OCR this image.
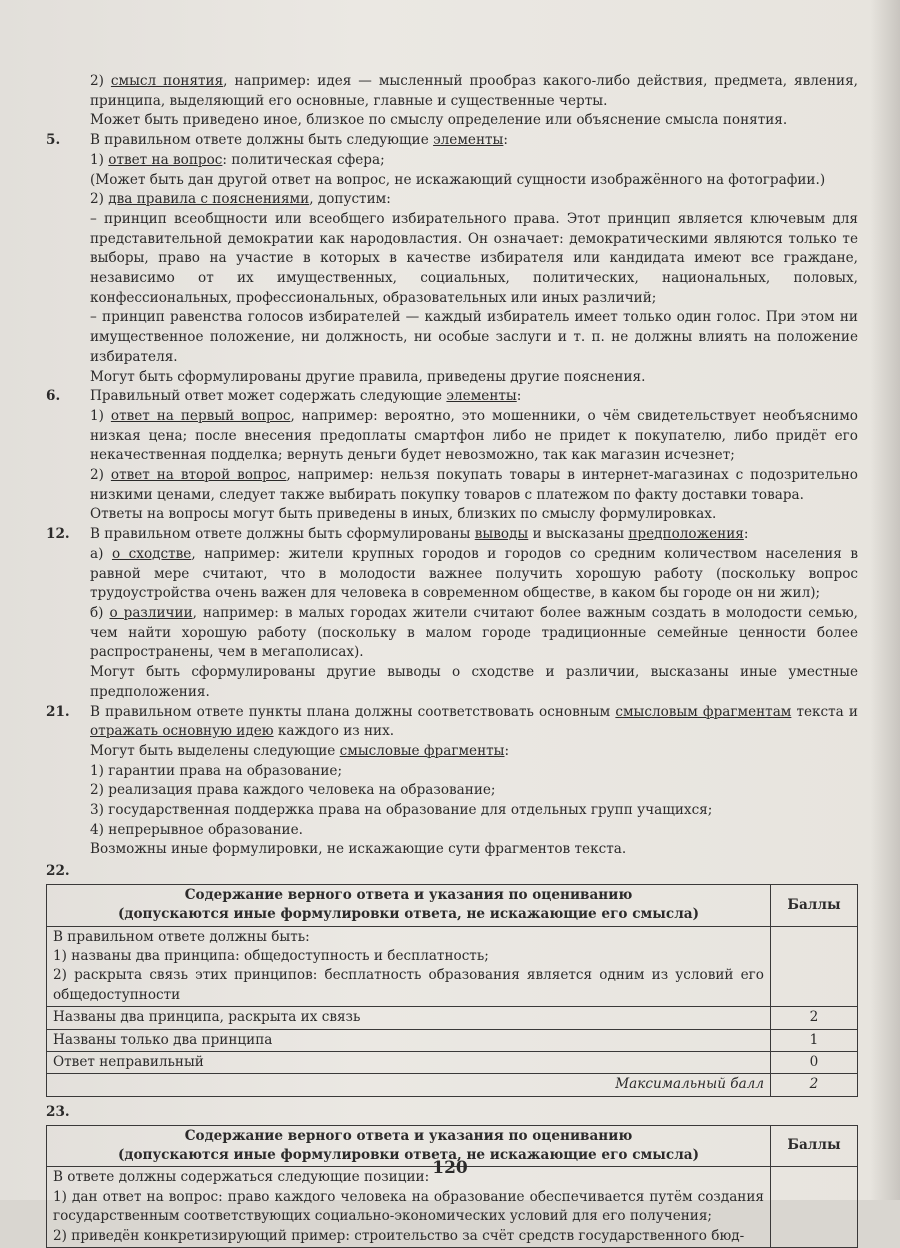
2) смысл понятия, например: идея — мысленный прообраз какого-либо действия, предмета, явления, принципа, выделяющий его основные, главные и существенные черты.

Может быть приведено иное, близкое по смыслу определение или объяснение смысла понятия.

5.	В правильном ответе должны быть следующие элементы:

1) ответ на вопрос: политическая сфера;

(Может быть дан другой ответ на вопрос, не искажающий сущности изображённого на фотографии.)

2) два правила с пояснениями, допустим:

– принцип всеобщности или всеобщего избирательного права. Этот принцип является ключевым для представительной демократии как народовластия. Он означает: демократическими являются только те выборы, право на участие в которых в качестве избирателя или кандидата имеют все граждане, независимо от их имущественных, социальных, политических, национальных, половых, конфессиональных, профессиональных, образовательных или иных различий;

– принцип равенства голосов избирателей — каждый избиратель имеет только один голос. При этом ни имущественное положение, ни должность, ни особые заслуги и т. п. не должны влиять на положение избирателя.

Могут быть сформулированы другие правила, приведены другие пояснения.

6.	Правильный ответ может содержать следующие элементы:

1) ответ на первый вопрос, например: вероятно, это мошенники, о чём свидетельствует необъяснимо низкая цена; после внесения предоплаты смартфон либо не придет к покупателю, либо придёт его некачественная подделка; вернуть деньги будет невозможно, так как магазин исчезнет;

2) ответ на второй вопрос, например: нельзя покупать товары в интернет-магазинах с подозрительно низкими ценами, следует также выбирать покупку товаров с платежом по факту доставки товара.

Ответы на вопросы могут быть приведены в иных, близких по смыслу формулировках.

12.	В правильном ответе должны быть сформулированы выводы и высказаны предположения:

а) о сходстве, например: жители крупных городов и городов со средним количеством населения в равной мере считают, что в молодости важнее получить хорошую работу (поскольку вопрос трудоустройства очень важен для человека в современном обществе, в каком бы городе он ни жил);

б) о различии, например: в малых городах жители считают более важным создать в молодости семью, чем найти хорошую работу (поскольку в малом городе традиционные семейные ценности более распространены, чем в мегаполисах).

Могут быть сформулированы другие выводы о сходстве и различии, высказаны иные уместные предположения.

21.	В правильном ответе пункты плана должны соответствовать основным смысловым фрагментам текста и отражать основную идею каждого из них.

Могут быть выделены следующие смысловые фрагменты:

1) гарантии права на образование;

2) реализация права каждого человека на образование;

3) государственная поддержка права на образование для отдельных групп учащихся;

4) непрерывное образование.

Возможны иные формулировки, не искажающие сути фрагментов текста.

22.
Содержание верного ответа и указания по оцениванию
(допускаются иные формулировки ответа, не искажающие его смысла)	Баллы

В правильном ответе должны быть:
1) названы два принципа: общедоступность и бесплатность;
2) раскрыта связь этих принципов: бесплатность образования является одним из условий его общедоступности	

Названы два принципа, раскрыта их связь	2
Названы только два принципа	1
Ответ неправильный	0
Максимальный балл	2
23.
Содержание верного ответа и указания по оцениванию
(допускаются иные формулировки ответа, не искажающие его смысла)	Баллы

В ответе должны содержаться следующие позиции:
1) дан ответ на вопрос: право каждого человека на образование обеспечивается путём создания государственным соответствующих социально-экономических условий для его получения;
2) приведён конкретизирующий пример: строительство за счёт средств государственного бюд-	

120
